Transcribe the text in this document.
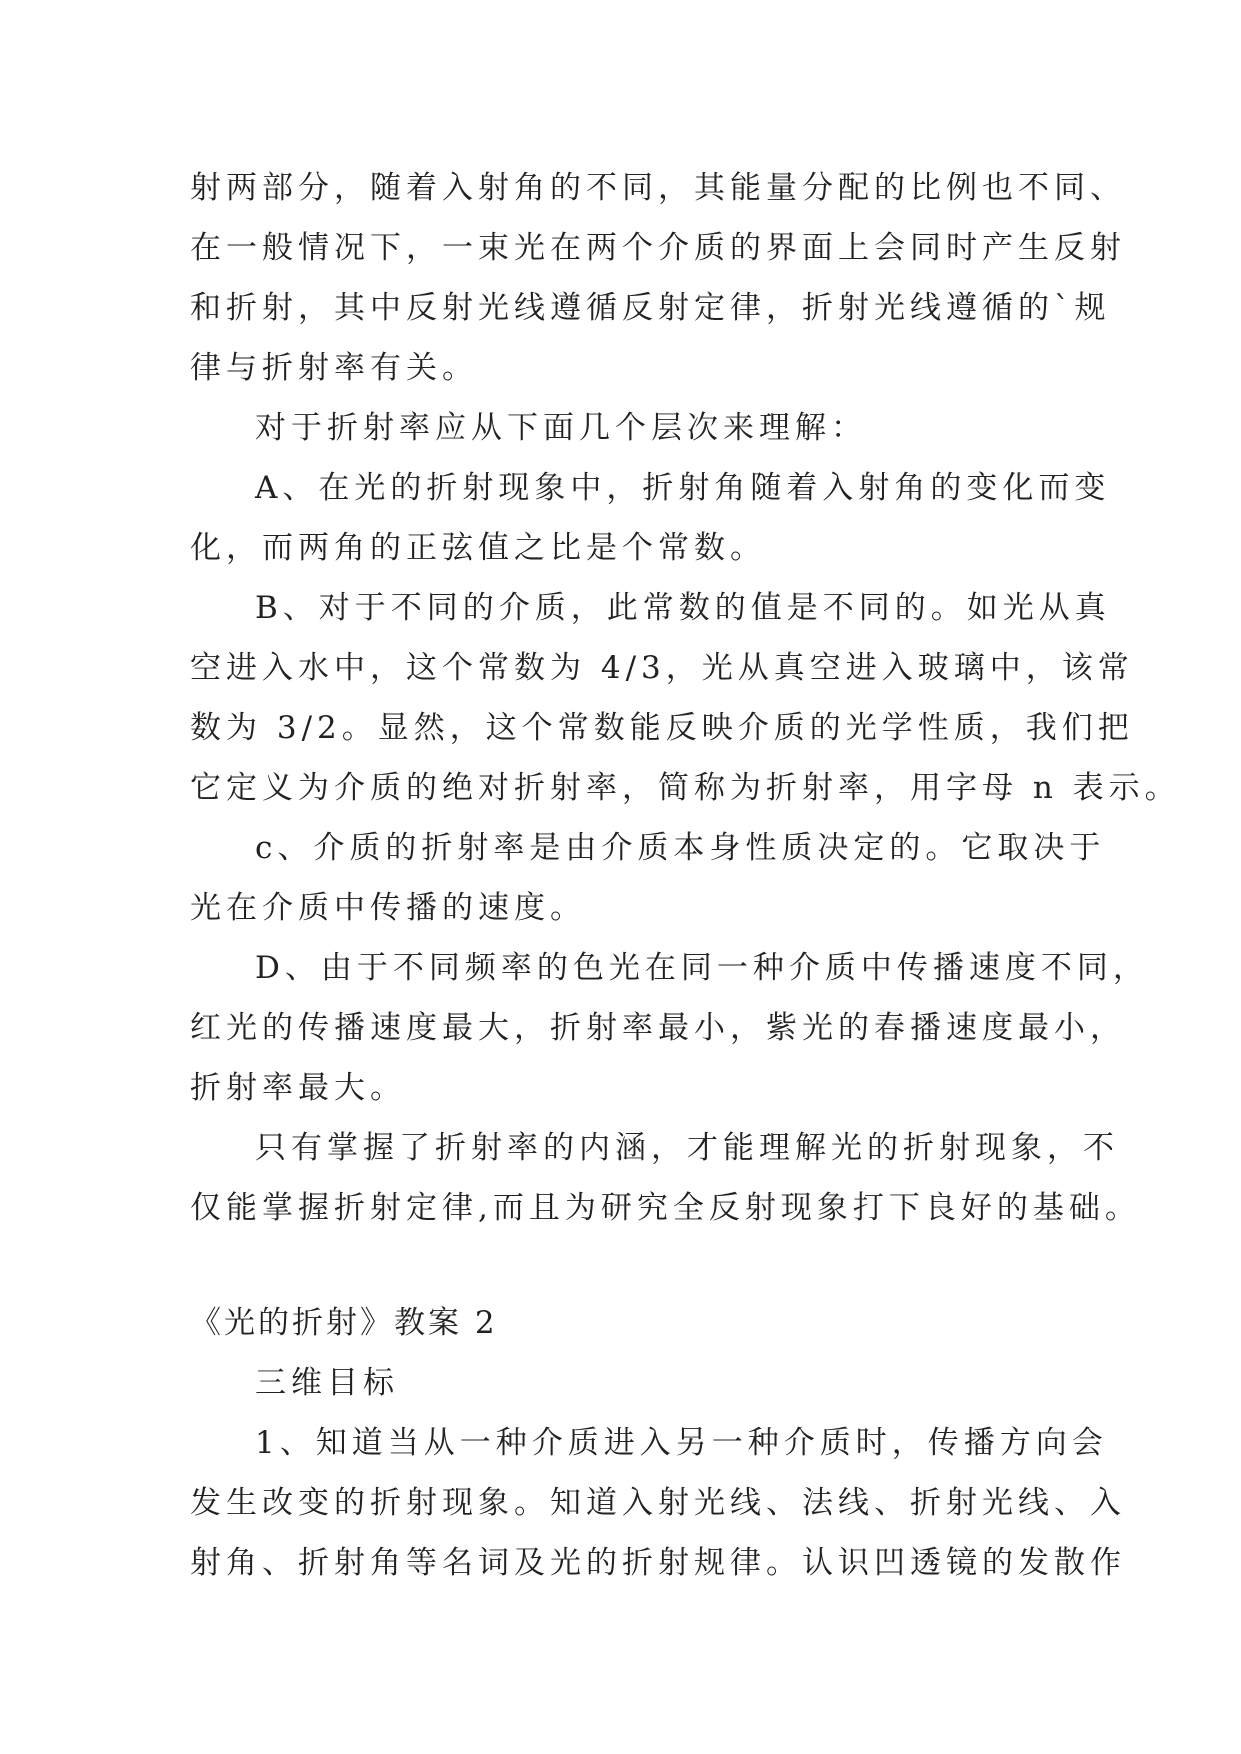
射两部分，随着入射角的不同，其能量分配的比例也不同、
在一般情况下，一束光在两个介质的界面上会同时产生反射
和折射，其中反射光线遵循反射定律，折射光线遵循的`规
律与折射率有关。
对于折射率应从下面几个层次来理解：
A、在光的折射现象中，折射角随着入射角的变化而变
化，而两角的正弦值之比是个常数。
B、对于不同的介质，此常数的值是不同的。如光从真
空进入水中，这个常数为 4/3，光从真空进入玻璃中，该常
数为 3/2。显然，这个常数能反映介质的光学性质，我们把
它定义为介质的绝对折射率，简称为折射率，用字母 n 表示。
c、介质的折射率是由介质本身性质决定的。它取决于
光在介质中传播的速度。
D、由于不同频率的色光在同一种介质中传播速度不同，
红光的传播速度最大，折射率最小，紫光的春播速度最小，
折射率最大。
只有掌握了折射率的内涵，才能理解光的折射现象，不
仅能掌握折射定律,而且为研究全反射现象打下良好的基础。
《光的折射》教案 2
三维目标
1、知道当从一种介质进入另一种介质时，传播方向会
发生改变的折射现象。知道入射光线、法线、折射光线、入
射角、折射角等名词及光的折射规律。认识凹透镜的发散作
